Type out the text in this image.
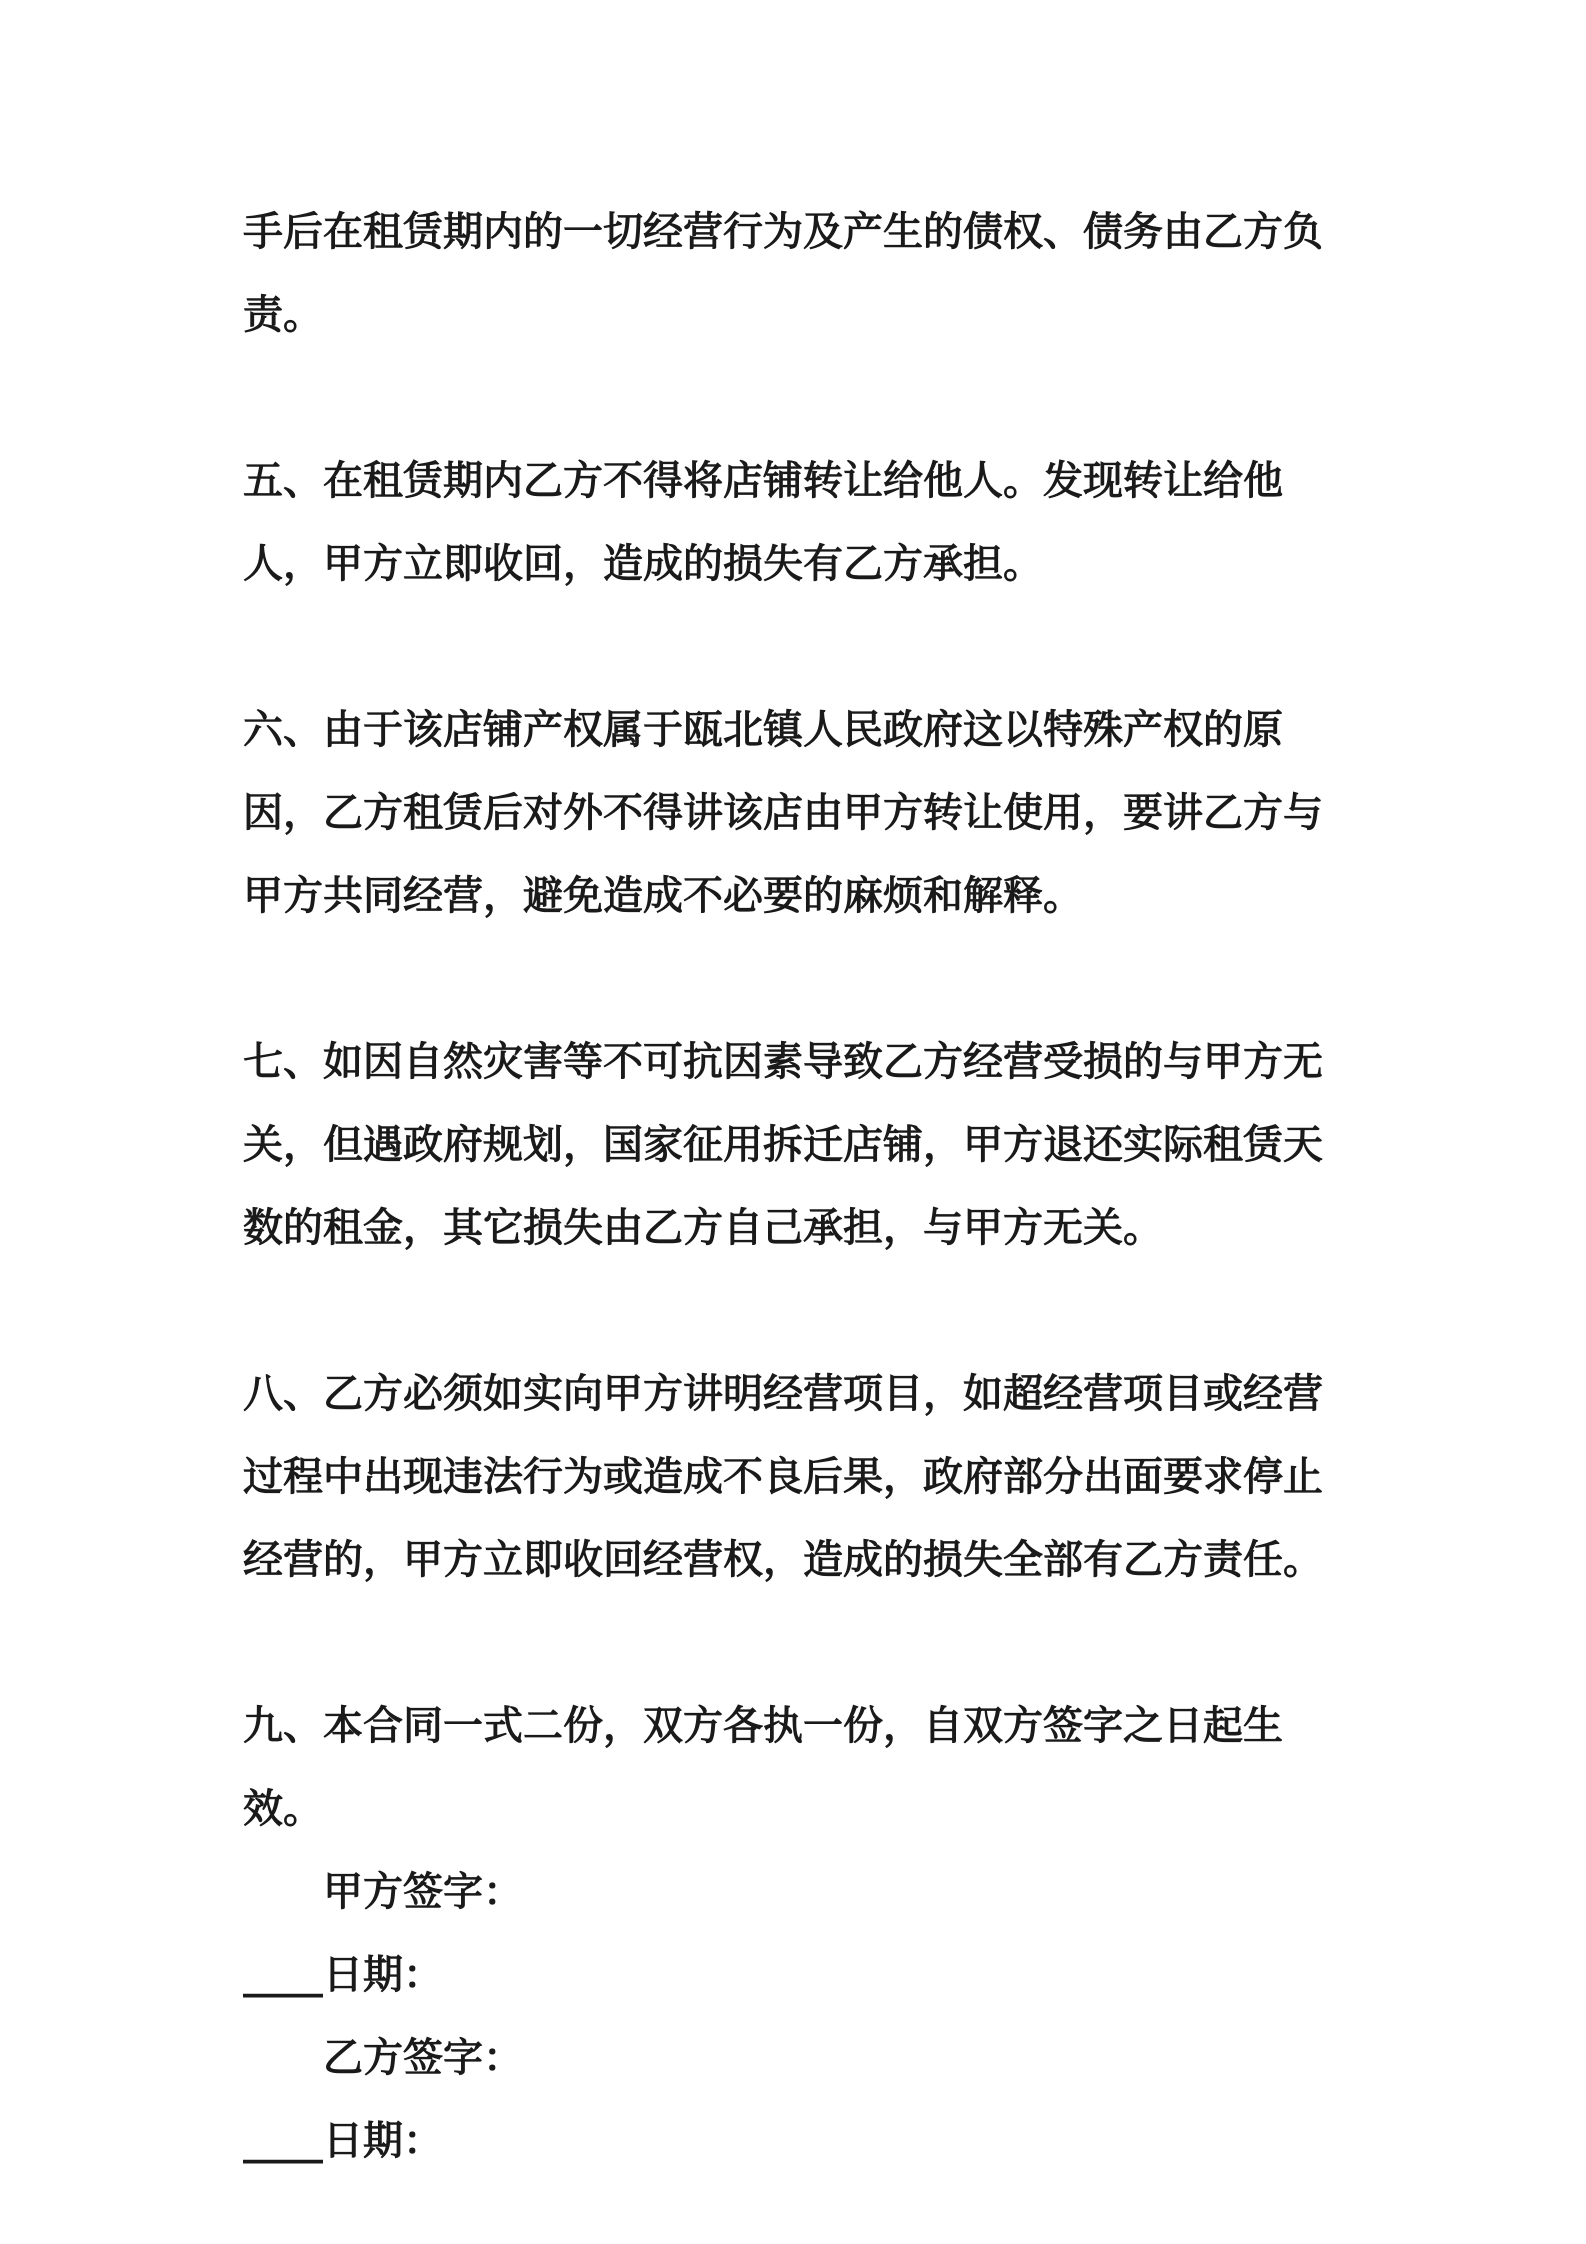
手后在租赁期内的一切经营行为及产生的债权、债务由乙方负责。

五、在租赁期内乙方不得将店铺转让给他人。发现转让给他人，甲方立即收回，造成的损失有乙方承担。

六、由于该店铺产权属于瓯北镇人民政府这以特殊产权的原因，乙方租赁后对外不得讲该店由甲方转让使用，要讲乙方与甲方共同经营，避免造成不必要的麻烦和解释。

七、如因自然灾害等不可抗因素导致乙方经营受损的与甲方无关，但遇政府规划，国家征用拆迁店铺，甲方退还实际租赁天数的租金，其它损失由乙方自己承担，与甲方无关。

八、乙方必须如实向甲方讲明经营项目，如超经营项目或经营过程中出现违法行为或造成不良后果，政府部分出面要求停止经营的，甲方立即收回经营权，造成的损失全部有乙方责任。

九、本合同一式二份，双方各执一份，自双方签字之日起生效。

甲方签字：

____日期：

乙方签字：

____日期：
